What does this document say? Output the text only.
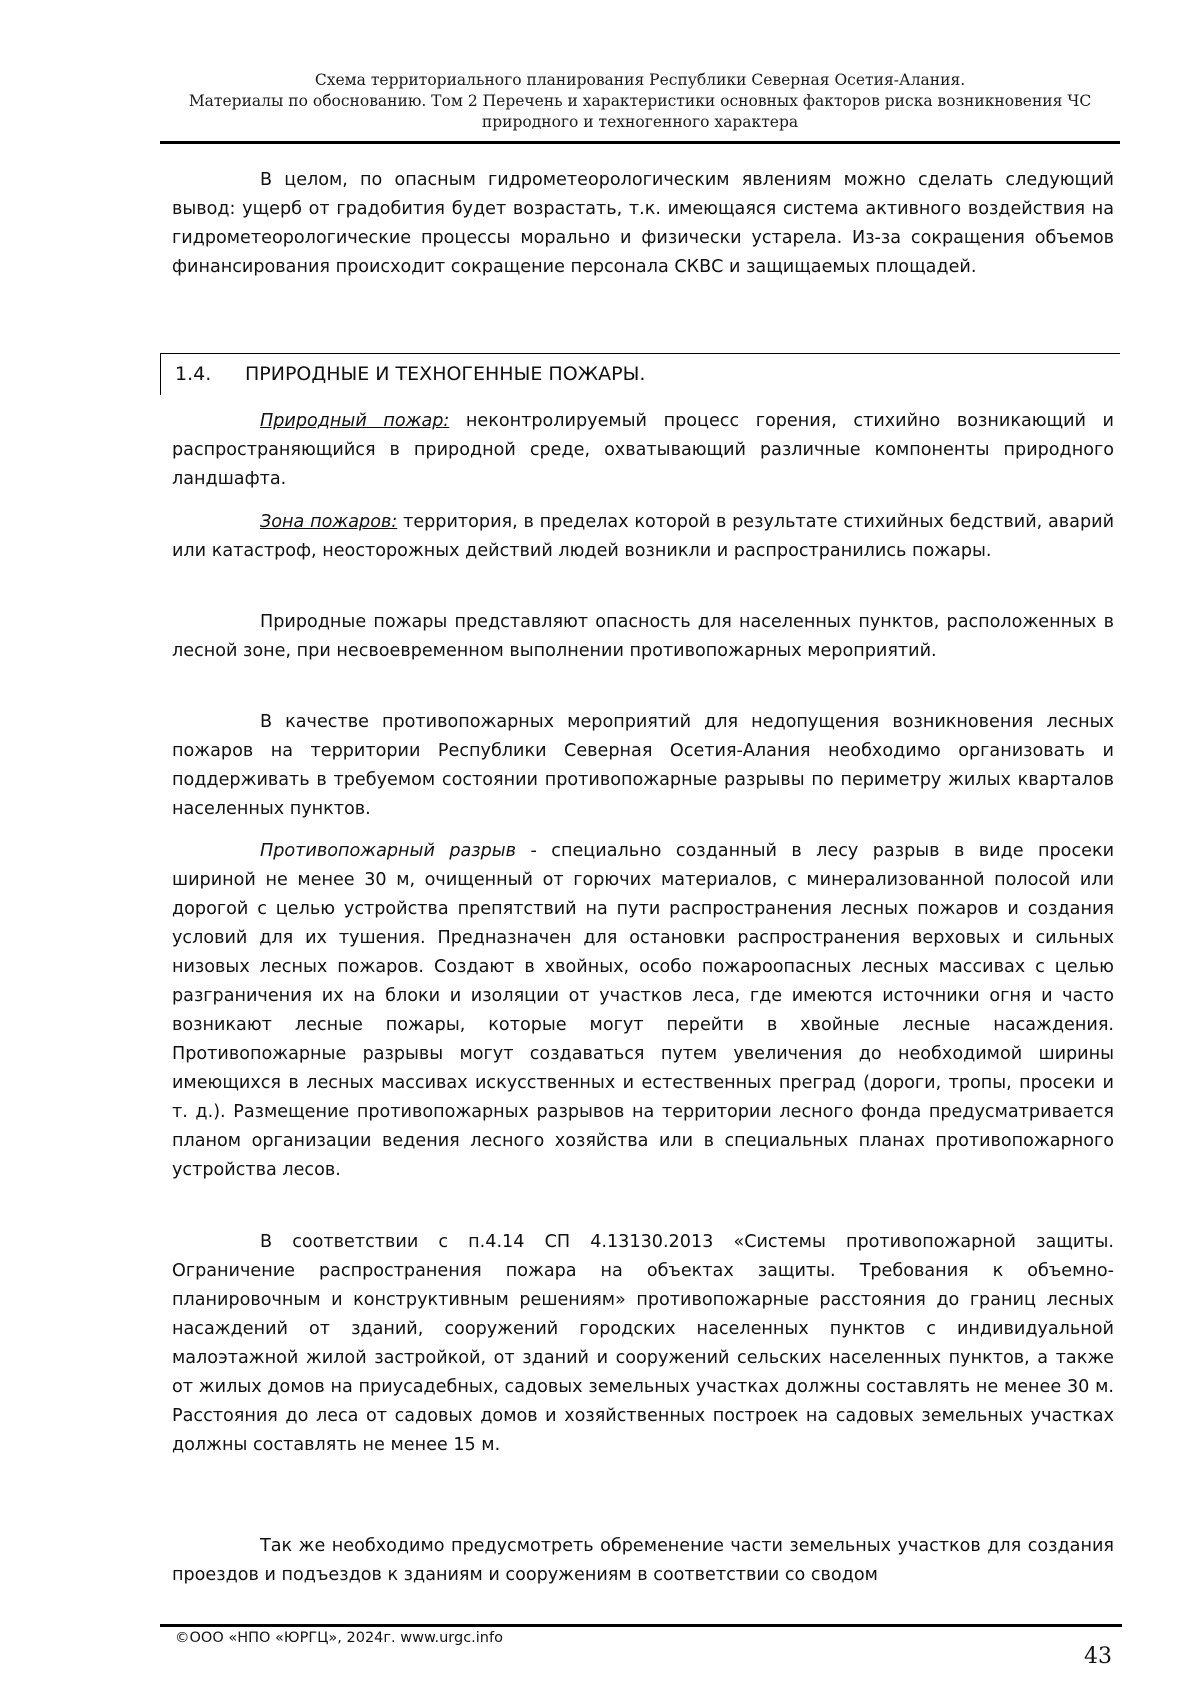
Схема территориального планирования Республики Северная Осетия-Алания.
Материалы по обоснованию. Том 2 Перечень и характеристики основных факторов риска возникновения ЧС
природного и техногенного характера

В целом, по опасным гидрометеорологическим явлениям можно сделать следующий вывод: ущерб от градобития будет возрастать, т.к. имеющаяся система активного воздействия на гидрометеорологические процессы морально и физически устарела. Из-за сокращения объемов финансирования происходит сокращение персонала СКВС и защищаемых площадей.

1.4. ПРИРОДНЫЕ И ТЕХНОГЕННЫЕ ПОЖАРЫ.

Природный пожар: неконтролируемый процесс горения, стихийно возникающий и распространяющийся в природной среде, охватывающий различные компоненты природного ландшафта.

Зона пожаров: территория, в пределах которой в результате стихийных бедствий, аварий или катастроф, неосторожных действий людей возникли и распространились пожары.

Природные пожары представляют опасность для населенных пунктов, расположенных в лесной зоне, при несвоевременном выполнении противопожарных мероприятий.

В качестве противопожарных мероприятий для недопущения возникновения лесных пожаров на территории Республики Северная Осетия-Алания необходимо организовать и поддерживать в требуемом состоянии противопожарные разрывы по периметру жилых кварталов населенных пунктов.

Противопожарный разрыв - специально созданный в лесу разрыв в виде просеки шириной не менее 30 м, очищенный от горючих материалов, с минерализованной полосой или дорогой с целью устройства препятствий на пути распространения лесных пожаров и создания условий для их тушения. Предназначен для остановки распространения верховых и сильных низовых лесных пожаров. Создают в хвойных, особо пожароопасных лесных массивах с целью разграничения их на блоки и изоляции от участков леса, где имеются источники огня и часто возникают лесные пожары, которые могут перейти в хвойные лесные насаждения. Противопожарные разрывы могут создаваться путем увеличения до необходимой ширины имеющихся в лесных массивах искусственных и естественных преград (дороги, тропы, просеки и т. д.). Размещение противопожарных разрывов на территории лесного фонда предусматривается планом организации ведения лесного хозяйства или в специальных планах противопожарного устройства лесов.

В соответствии с п.4.14 СП 4.13130.2013 «Системы противопожарной защиты. Ограничение распространения пожара на объектах защиты. Требования к объемно-планировочным и конструктивным решениям» противопожарные расстояния до границ лесных насаждений от зданий, сооружений городских населенных пунктов с индивидуальной малоэтажной жилой застройкой, от зданий и сооружений сельских населенных пунктов, а также от жилых домов на приусадебных, садовых земельных участках должны составлять не менее 30 м. Расстояния до леса от садовых домов и хозяйственных построек на садовых земельных участках должны составлять не менее 15 м.

Так же необходимо предусмотреть обременение части земельных участков для создания проездов и подъездов к зданиям и сооружениям в соответствии со сводом

©ООО «НПО «ЮРГЦ», 2024г. www.urgc.info
43
